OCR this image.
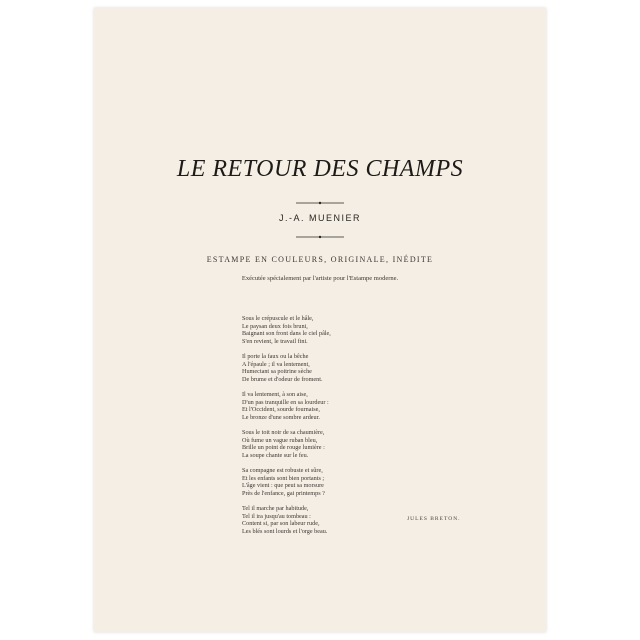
LE RETOUR DES CHAMPS
J.-A. MUENIER
ESTAMPE EN COULEURS, ORIGINALE, INÉDITE
Exécutée spécialement par l'artiste pour l'Estampe moderne.
Sous le crépuscule et le hâle,
Le paysan deux fois bruni,
Baignant son front dans le ciel pâle,
S'en revient, le travail fini.
Il porte la faux ou la bêche
A l'épaule ; il va lentement,
Humectant sa poitrine sèche
De brume et d'odeur de froment.
Il va lentement, à son aise,
D'un pas tranquille en sa lourdeur :
Et l'Occident, sourde fournaise,
Le bronze d'une sombre ardeur.
Sous le toit noir de sa chaumière,
Où fume un vague ruban bleu,
Brille un point de rouge lumière :
La soupe chante sur le feu.
Sa compagne est robuste et sûre,
Et les enfants sont bien portants ;
L'âge vient : que peut sa morsure
Près de l'enfance, gai printemps ?
Tel il marche par habitude,
Tel il ira jusqu'au tombeau :
Content si, par son labeur rude,
Les blés sont lourds et l'orge beau.
JULES BRETON.
